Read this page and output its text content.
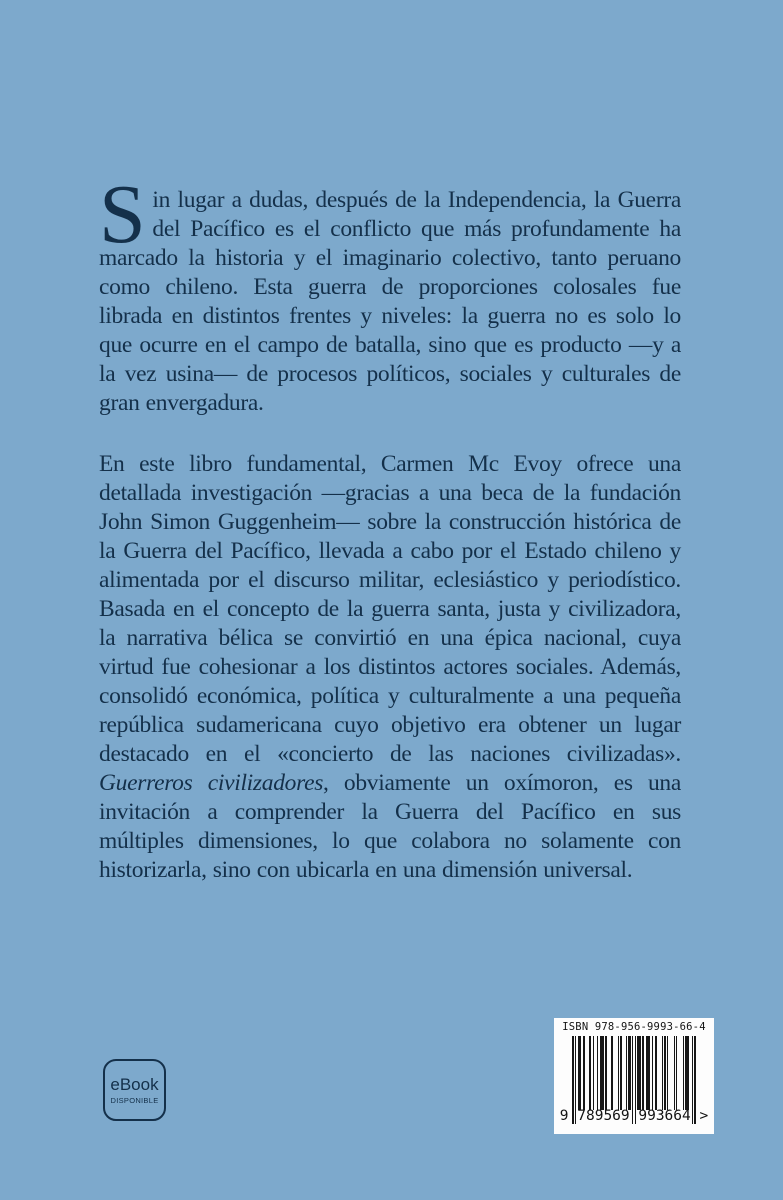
Sin lugar a dudas, después de la Independencia, la Guerra del Pacífico es el conflicto que más profundamente ha marcado la historia y el imaginario colectivo, tanto peruano como chileno. Esta guerra de proporciones colosales fue librada en distintos frentes y niveles: la guerra no es solo lo que ocurre en el campo de batalla, sino que es producto —y a la vez usina— de procesos políticos, sociales y culturales de gran envergadura.

En este libro fundamental, Carmen Mc Evoy ofrece una detallada investigación —gracias a una beca de la fundación John Simon Guggenheim— sobre la construcción histórica de la Guerra del Pacífico, llevada a cabo por el Estado chileno y alimentada por el discurso militar, eclesiástico y periodístico. Basada en el concepto de la guerra santa, justa y civilizadora, la narrativa bélica se convirtió en una épica nacional, cuya virtud fue cohesionar a los distintos actores sociales. Además, consolidó económica, política y culturalmente a una pequeña república sudamericana cuyo objetivo era obtener un lugar destacado en el «concierto de las naciones civilizadas». Guerreros civilizadores, obviamente un oxímoron, es una invitación a comprender la Guerra del Pacífico en sus múltiples dimensiones, lo que colabora no solamente con historizarla, sino con ubicarla en una dimensión universal.

eBook
DISPONIBLE
ISBN 978-956-9993-66-4
9 789569 993664 >
